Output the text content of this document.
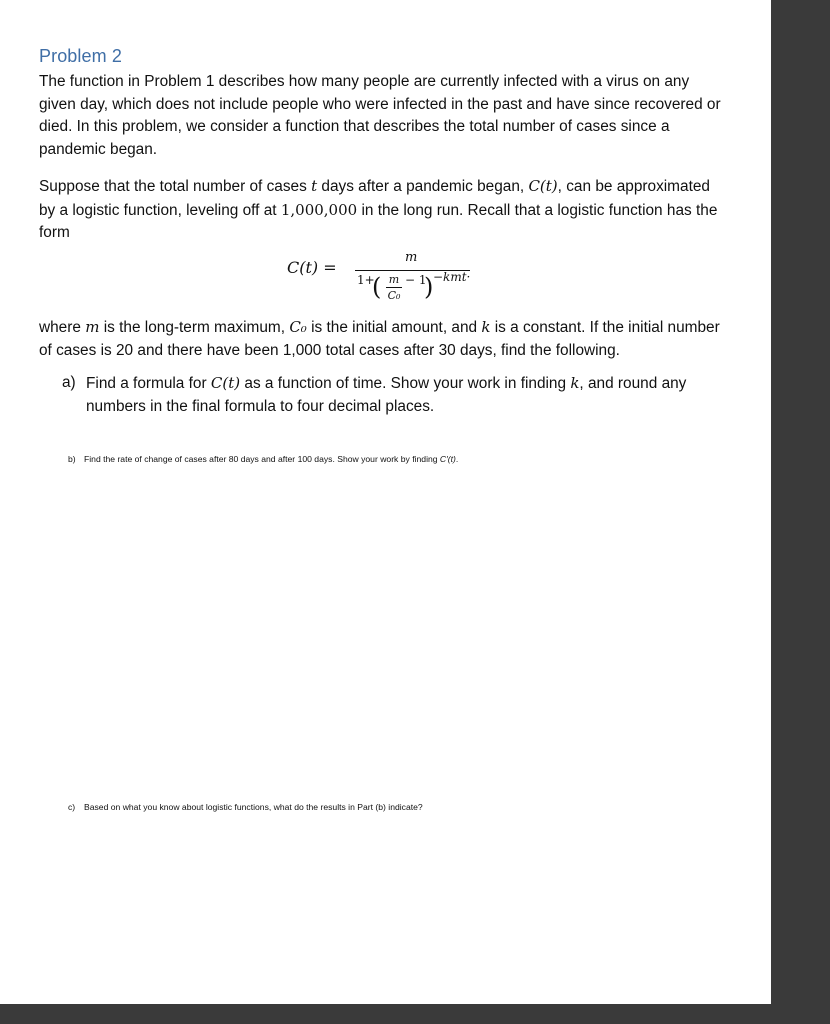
Problem 2
The function in Problem 1 describes how many people are currently infected with a virus on any given day, which does not include people who were infected in the past and have since recovered or died. In this problem, we consider a function that describes the total number of cases since a pandemic began.
Suppose that the total number of cases t days after a pandemic began, C(t), can be approximated by a logistic function, leveling off at 1,000,000 in the long run. Recall that a logistic function has the form
C(t) =
m
1+
( m
C₀
− 1
) −kmt·
where m is the long-term maximum, C₀ is the initial amount, and k is a constant. If the initial number of cases is 20 and there have been 1,000 total cases after 30 days, find the following.
a) Find a formula for C(t) as a function of time. Show your work in finding k, and round any numbers in the final formula to four decimal places.
b) Find the rate of change of cases after 80 days and after 100 days. Show your work by finding C′(t).
c) Based on what you know about logistic functions, what do the results in Part (b) indicate?
